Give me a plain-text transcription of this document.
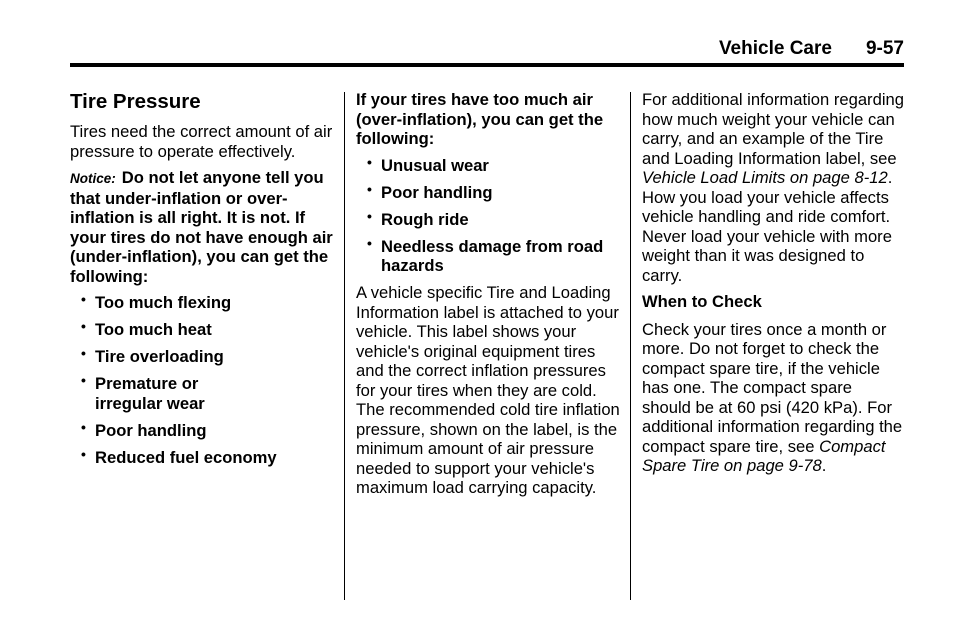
Vehicle Care 9-57
Tire Pressure

Tires need the correct amount of air pressure to operate effectively.

Notice: Do not let anyone tell you that under-inflation or over-inflation is all right. It is not. If your tires do not have enough air (under-inflation), you can get the following:

• Too much flexing
• Too much heat
• Tire overloading
• Premature or irregular wear
• Poor handling
• Reduced fuel economy

If your tires have too much air (over-inflation), you can get the following:

• Unusual wear
• Poor handling
• Rough ride
• Needless damage from road hazards

A vehicle specific Tire and Loading Information label is attached to your vehicle. This label shows your vehicle's original equipment tires and the correct inflation pressures for your tires when they are cold. The recommended cold tire inflation pressure, shown on the label, is the minimum amount of air pressure needed to support your vehicle's maximum load carrying capacity.

For additional information regarding how much weight your vehicle can carry, and an example of the Tire and Loading Information label, see Vehicle Load Limits on page 8-12. How you load your vehicle affects vehicle handling and ride comfort. Never load your vehicle with more weight than it was designed to carry.

When to Check

Check your tires once a month or more. Do not forget to check the compact spare tire, if the vehicle has one. The compact spare should be at 60 psi (420 kPa). For additional information regarding the compact spare tire, see Compact Spare Tire on page 9-78.
